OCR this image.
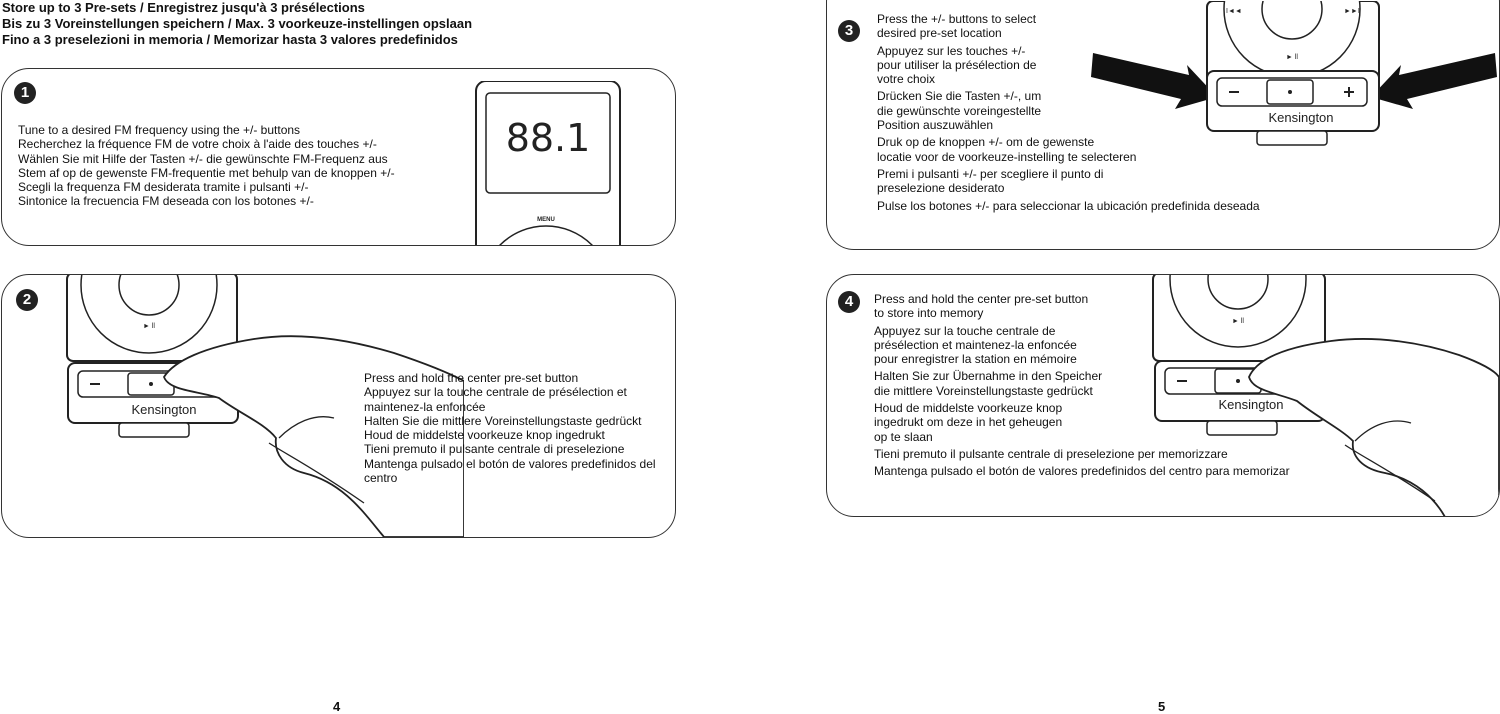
Store up to 3 Pre-sets / Enregistrez jusqu'à 3 présélections
Bis zu 3 Voreinstellungen speichern / Max. 3 voorkeuze-instellingen opslaan
Fino a 3 preselezioni in memoria / Memorizar hasta 3 valores predefinidos
1
Tune to a desired FM frequency using the +/- buttons
Recherchez la fréquence FM de votre choix à l'aide des touches +/-
Wählen Sie mit Hilfe der Tasten +/- die gewünschte FM-Frequenz aus
Stem af op de gewenste FM-frequentie met behulp van de knoppen +/-
Scegli la frequenza FM desiderata tramite i pulsanti +/-
Sintonice la frecuencia FM deseada con los botones +/-
88.1
MENU
2
► ll
Kensington
Press and hold the center pre-set button
Appuyez sur la touche centrale de présélection et maintenez-la enfoncée
Halten Sie die mittlere Voreinstellungstaste gedrückt
Houd de middelste voorkeuze knop ingedrukt
Tieni premuto il pulsante centrale di preselezione
Mantenga pulsado el botón de valores predefinidos del centro
3
Press the +/- buttons to select
desired pre-set location
Appuyez sur les touches +/-
pour utiliser la présélection de
votre choix
Drücken Sie die Tasten +/-, um
die gewünschte voreingestellte
Position auszuwählen
Druk op de knoppen +/- om de gewenste
locatie voor de voorkeuze-instelling te selecteren
Premi i pulsanti +/- per scegliere il punto di
preselezione desiderato
Pulse los botones +/- para seleccionar la ubicación predefinida deseada
I◄◄	►►I
► ll
Kensington
4	Press and hold the center pre-set button
to store into memory
Appuyez sur la touche centrale de
présélection et maintenez-la enfoncée
pour enregistrer la station en mémoire
Halten Sie zur Übernahme in den Speicher
die mittlere Voreinstellungstaste gedrückt
Houd de middelste voorkeuze knop
ingedrukt om deze in het geheugen
op te slaan
Tieni premuto il pulsante centrale di preselezione per memorizzare
Mantenga pulsado el botón de valores predefinidos del centro para memorizar
► ll
Kensington
4	5
